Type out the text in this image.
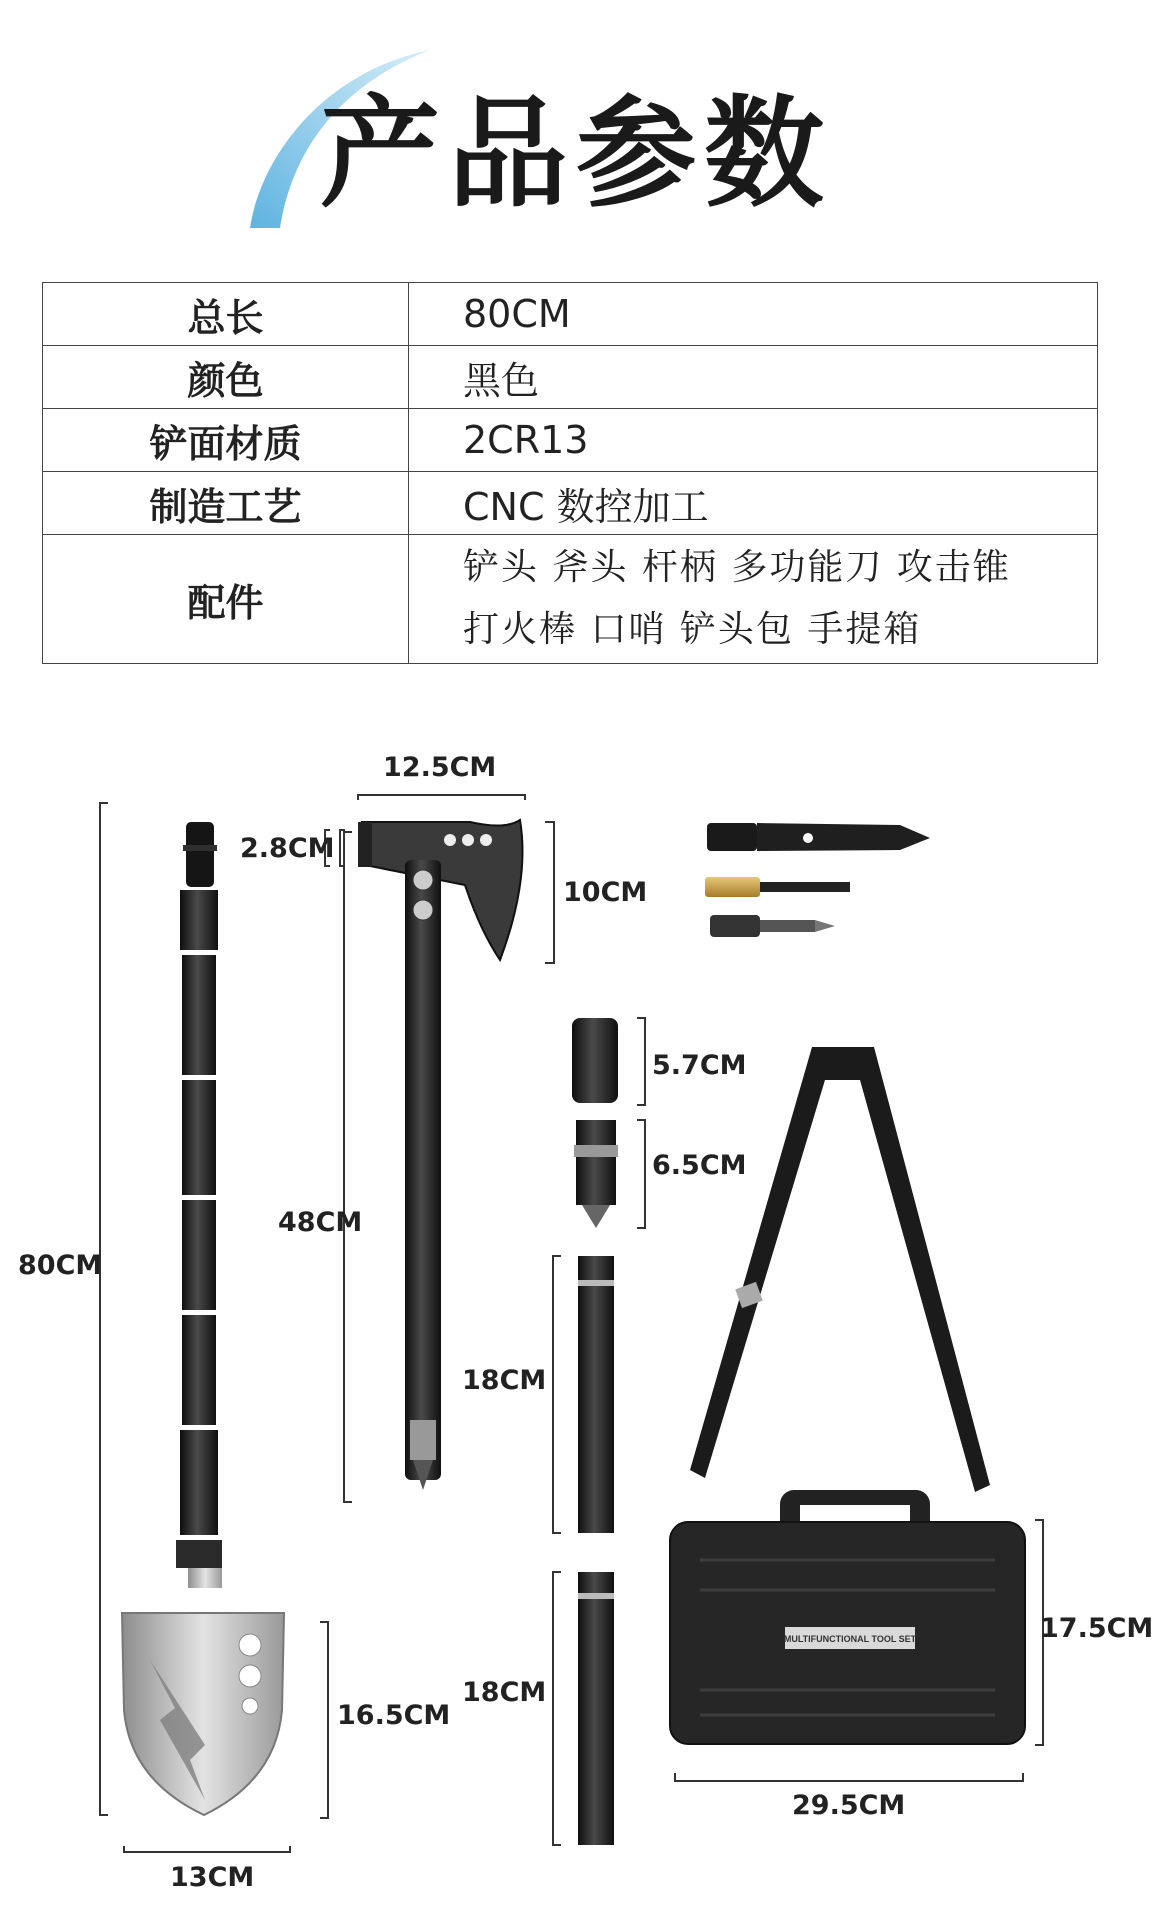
产品参数
总长	80CM
颜色	黑色
铲面材质	2CR13
制造工艺	CNC 数控加工
配件	铲头 斧头 杆柄 多功能刀 攻击锥
打火棒 口哨 铲头包 手提箱
MULTIFUNCTIONAL TOOL SET
12.5CM
2.8CM
10CM
80CM
48CM
18CM
5.7CM
6.5CM
18CM
17.5CM
16.5CM
29.5CM
13CM
